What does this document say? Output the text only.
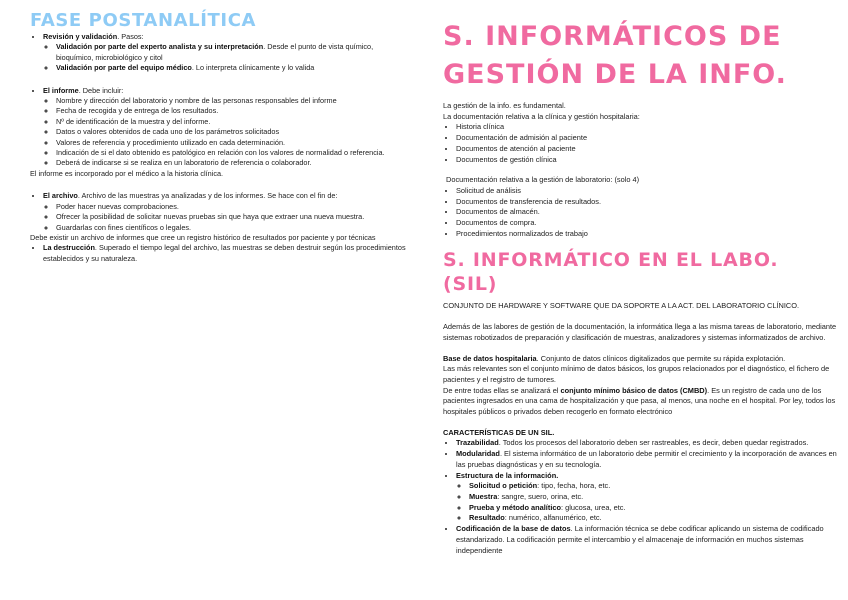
FASE POSTANALÍTICA
• Revisión y validación. Pasos:
◦ Validación por parte del experto analista y su interpretación. Desde el punto de vista químico, bioquímico, microbiológico y citol
◦ Validación por parte del equipo médico. Lo interpreta clínicamente y lo valida
• El informe. Debe incluir:
◦ Nombre y dirección del laboratorio y nombre de las personas responsables del informe
◦ Fecha de recogida y de entrega de los resultados.
◦ Nº de identificación de la muestra y del informe.
◦ Datos o valores obtenidos de cada uno de los parámetros solicitados
◦ Valores de referencia y procedimiento utilizado en cada determinación.
◦ Indicación de si el dato obtenido es patológico en relación con los valores de normalidad o referencia.
◦ Deberá de indicarse si se realiza en un laboratorio de referencia o colaborador.

El informe es incorporado por el médico a la historia clínica.

• El archivo. Archivo de las muestras ya analizadas y de los informes. Se hace con el fin de:
◦ Poder hacer nuevas comprobaciones.
◦ Ofrecer la posibilidad de solicitar nuevas pruebas sin que haya que extraer una nueva muestra.
◦ Guardarlas con fines científicos o legales.

Debe existir un archivo de informes que cree un registro histórico de resultados por paciente y por técnicas

• La destrucción. Superado el tiempo legal del archivo, las muestras se deben destruir según los procedimientos establecidos y su naturaleza.
S. INFORMÁTICOS DE
GESTIÓN DE LA INFO.

La gestión de la info. es fundamental.

La documentación relativa a la clínica y gestión hospitalaria:

• Historia clínica
• Documentación de admisión al paciente
• Documentos de atención al paciente
• Documentos de gestión clínica

Documentación relativa a la gestión de laboratorio: (solo 4)

• Solicitud de análisis
• Documentos de transferencia de resultados.
• Documentos de almacén.
• Documentos de compra.
• Procedimientos normalizados de trabajo
S. INFORMÁTICO EN EL LABO. (SIL)

CONJUNTO DE HARDWARE Y SOFTWARE QUE DA SOPORTE A LA ACT. DEL LABORATORIO CLÍNICO.

Además de las labores de gestión de la documentación, la informática llega a las misma tareas de laboratorio, mediante sistemas robotizados de preparación y clasificación de muestras, analizadores y sistemas informatizados de archivo.

Base de datos hospitalaria. Conjunto de datos clínicos digitalizados que permite su rápida explotación.

Las más relevantes son el conjunto mínimo de datos básicos, los grupos relacionados por el diagnóstico, el fichero de pacientes y el registro de tumores.

De entre todas ellas se analizará el conjunto mínimo básico de datos (CMBD). Es un registro de cada uno de los pacientes ingresados en una cama de hospitalización y que pasa, al menos, una noche en el hospital. Por ley, todos los hospitales públicos o privados deben recogerlo en formato electrónico

CARACTERÍSTICAS DE UN SIL.

• Trazabilidad. Todos los procesos del laboratorio deben ser rastreables, es decir, deben quedar registrados.
• Modularidad. El sistema informático de un laboratorio debe permitir el crecimiento y la incorporación de avances en las pruebas diagnósticas y en su tecnología.
• Estructura de la información.
◦ Solicitud o petición: tipo, fecha, hora, etc.
◦ Muestra: sangre, suero, orina, etc.
◦ Prueba y método analítico: glucosa, urea, etc.
◦ Resultado: numérico, alfanumérico, etc.
• Codificación de la base de datos. La información técnica se debe codificar aplicando un sistema de codificado estandarizado. La codificación permite el intercambio y el almacenaje de información en muchos sistemas independiente
